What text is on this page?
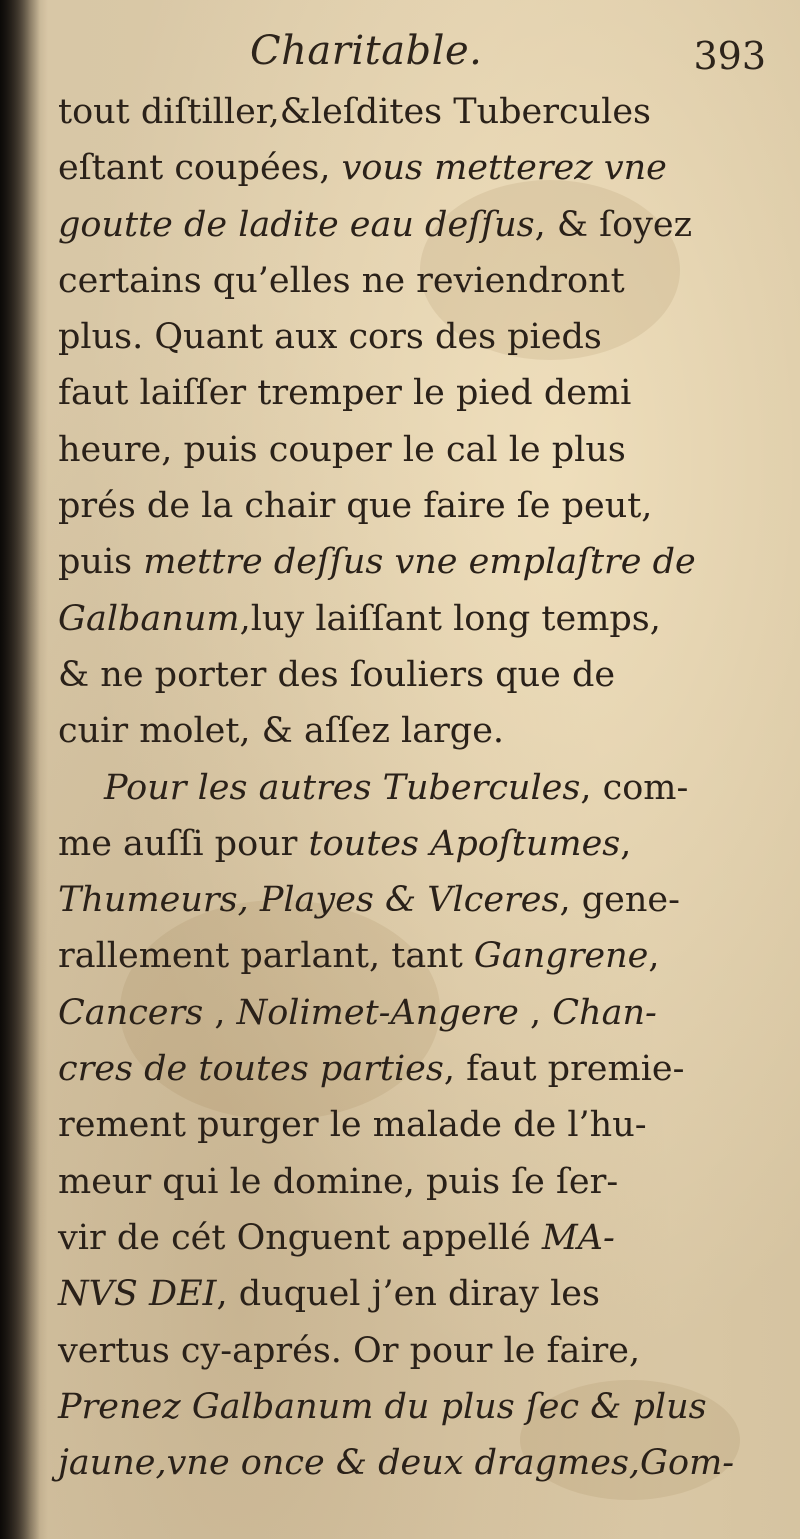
Charitable.	393
tout diſtiller,&leſdites Tubercules
eſtant coupées, vous metterez vne
goutte de ladite eau deſſus, & ſoyez
certains qu’elles ne reviendront
plus. Quant aux cors des pieds
faut laiſſer tremper le pied demi
heure, puis couper le cal le plus
prés de la chair que faire ſe peut,
puis mettre deſſus vne emplaſtre de
Galbanum,luy laiſſant long temps,
& ne porter des ſouliers que de
cuir molet, & aſſez large.
Pour les autres Tubercules, com-
me auſſi pour toutes Apoſtumes,
Thumeurs, Playes & Vlceres, gene-
rallement parlant, tant Gangrene,
Cancers , Nolimet-Angere , Chan-
cres de toutes parties, faut premie-
rement purger le malade de l’hu-
meur qui le domine, puis ſe ſer-
vir de cét Onguent appellé MA-
NVS DEI, duquel j’en diray les
vertus cy-aprés. Or pour le faire,
Prenez Galbanum du plus ſec & plus
jaune,vne once & deux dragmes,Gom-
